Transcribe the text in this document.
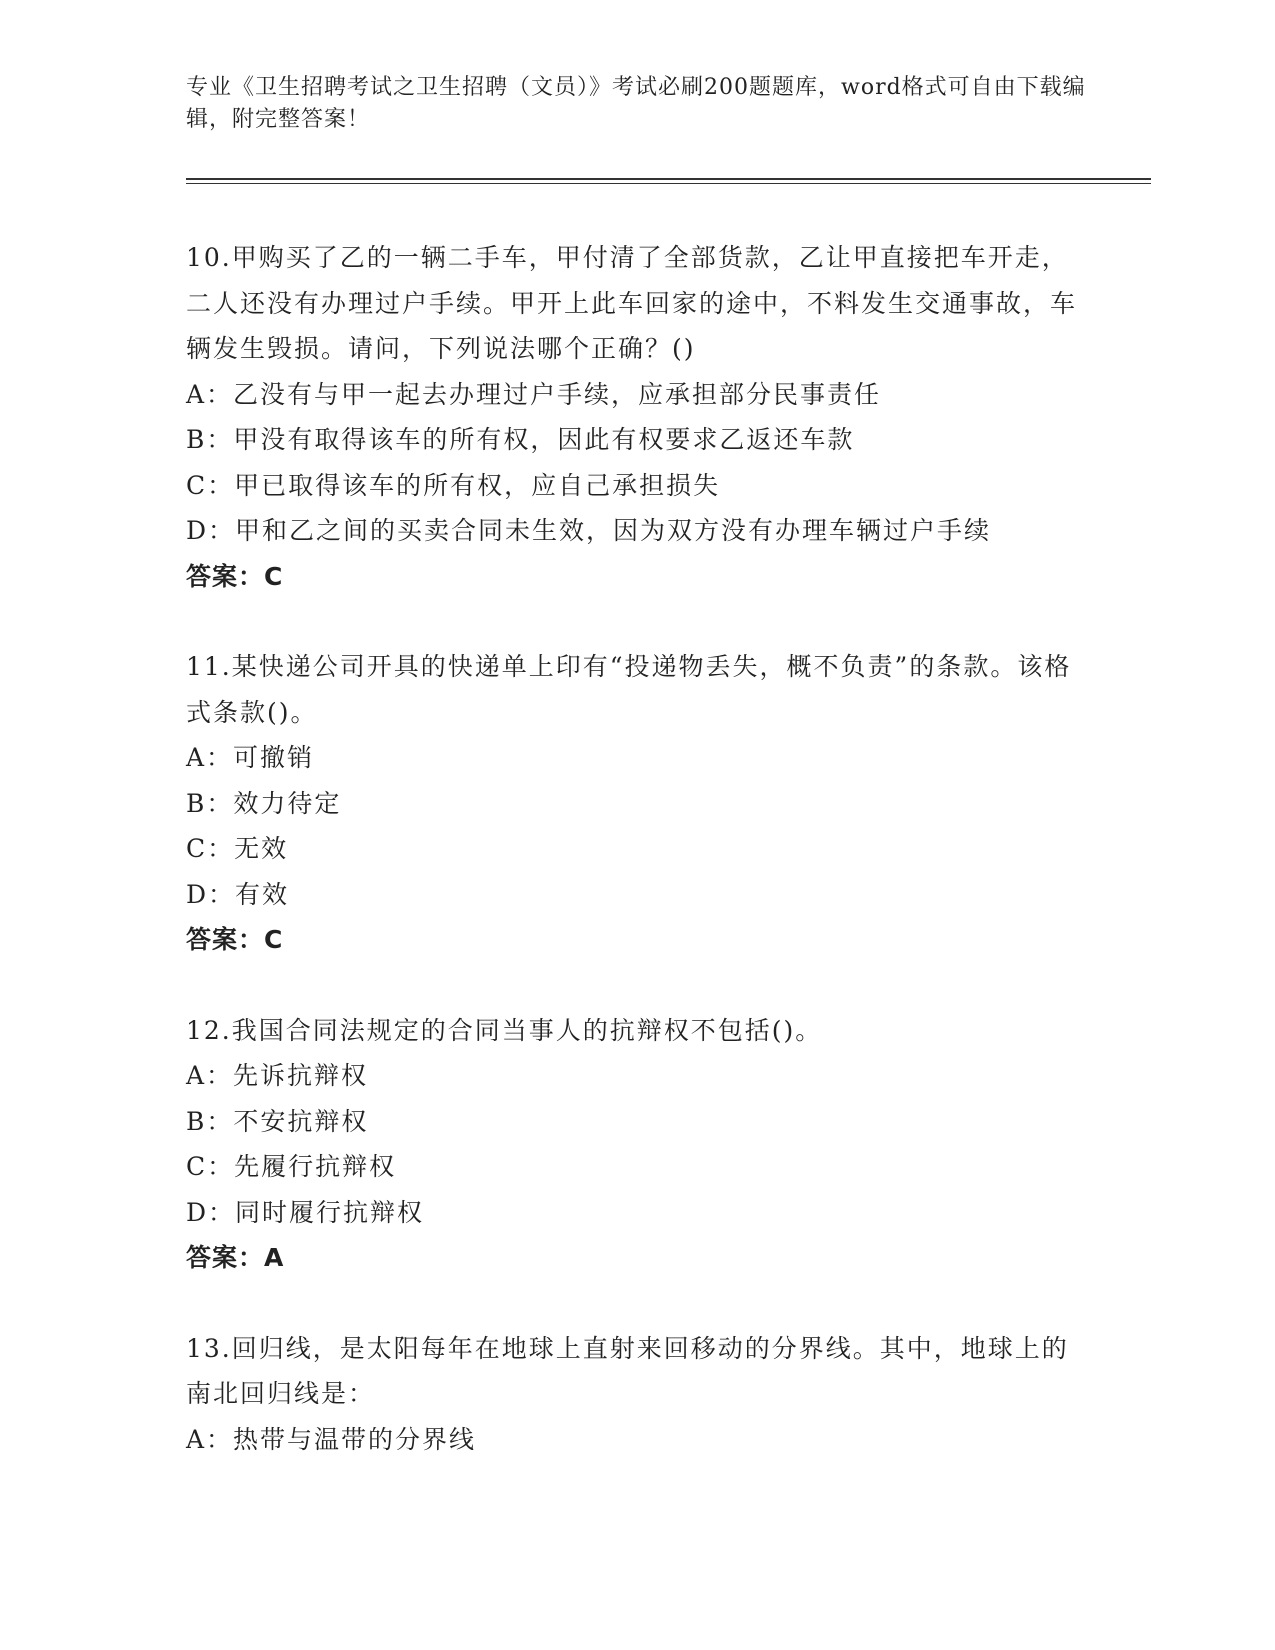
专业《卫生招聘考试之卫生招聘（文员）》考试必刷200题题库，word格式可自由下载编辑，附完整答案！
10.甲购买了乙的一辆二手车，甲付清了全部货款，乙让甲直接把车开走，二人还没有办理过户手续。甲开上此车回家的途中，不料发生交通事故，车辆发生毁损。请问，下列说法哪个正确？()
A：乙没有与甲一起去办理过户手续，应承担部分民事责任
B：甲没有取得该车的所有权，因此有权要求乙返还车款
C：甲已取得该车的所有权，应自己承担损失
D：甲和乙之间的买卖合同未生效，因为双方没有办理车辆过户手续
答案：C
11.某快递公司开具的快递单上印有“投递物丢失，概不负责”的条款。该格式条款()。
A：可撤销
B：效力待定
C：无效
D：有效
答案：C
12.我国合同法规定的合同当事人的抗辩权不包括()。
A：先诉抗辩权
B：不安抗辩权
C：先履行抗辩权
D：同时履行抗辩权
答案：A
13.回归线，是太阳每年在地球上直射来回移动的分界线。其中，地球上的南北回归线是：
A：热带与温带的分界线
